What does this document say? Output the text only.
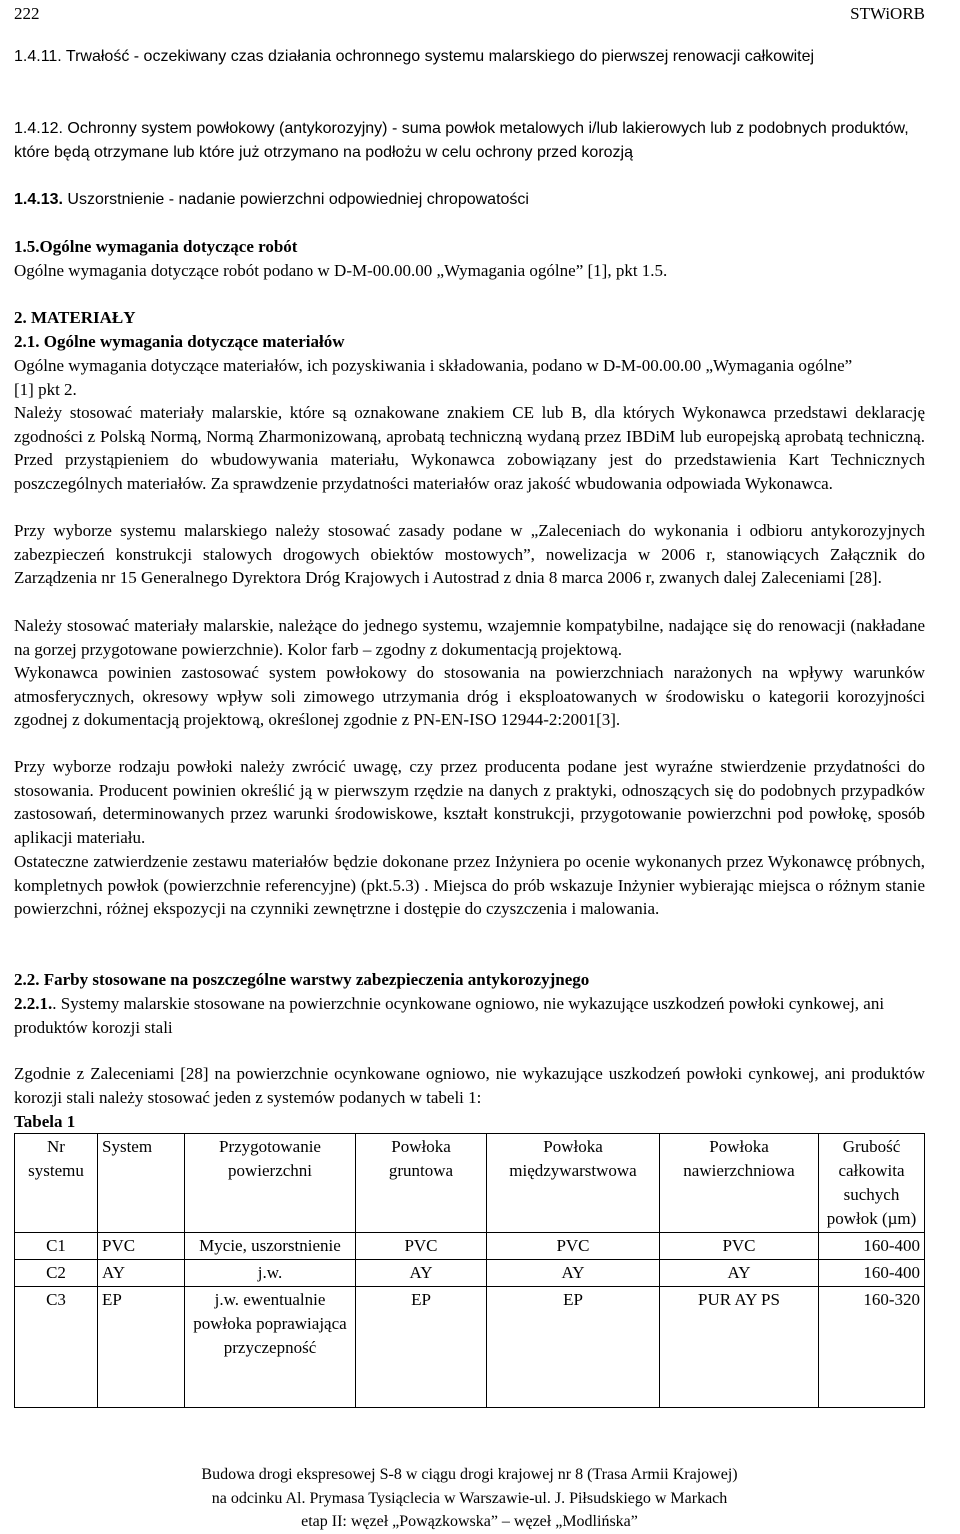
222	STWiORB

1.4.11. Trwałość - oczekiwany czas działania ochronnego systemu malarskiego do pierwszej renowacji całkowitej

1.4.12. Ochronny system powłokowy (antykorozyjny) - suma powłok metalowych i/lub lakierowych lub z podobnych produktów, które będą otrzymane lub które już otrzymano na podłożu w celu ochrony przed korozją

1.4.13. Uszorstnienie - nadanie powierzchni odpowiedniej chropowatości

1.5.Ogólne wymagania dotyczące robót

Ogólne wymagania dotyczące robót podano w D-M-00.00.00 „Wymagania ogólne” [1], pkt 1.5.

2. MATERIAŁY

2.1. Ogólne wymagania dotyczące materiałów

Ogólne wymagania dotyczące materiałów, ich pozyskiwania i składowania, podano w D-M-00.00.00 „Wymagania ogólne” [1] pkt 2.

Należy stosować materiały malarskie, które są oznakowane znakiem CE lub B, dla których Wykonawca przedstawi deklarację zgodności z Polską Normą, Normą Zharmonizowaną, aprobatą techniczną wydaną przez IBDiM lub europejską aprobatą techniczną. Przed przystąpieniem do wbudowywania materiału, Wykonawca zobowiązany jest do przedstawienia Kart Technicznych poszczególnych materiałów. Za sprawdzenie przydatności materiałów oraz jakość wbudowania odpowiada Wykonawca.

Przy wyborze systemu malarskiego należy stosować zasady podane w „Zaleceniach do wykonania i odbioru antykorozyjnych zabezpieczeń konstrukcji stalowych drogowych obiektów mostowych”, nowelizacja w 2006 r, stanowiących Załącznik do Zarządzenia nr 15 Generalnego Dyrektora Dróg Krajowych i Autostrad z dnia 8 marca 2006 r, zwanych dalej Zaleceniami [28].

Należy stosować materiały malarskie, należące do jednego systemu, wzajemnie kompatybilne, nadające się do renowacji (nakładane na gorzej przygotowane powierzchnie). Kolor farb – zgodny z dokumentacją projektową.

Wykonawca powinien zastosować system powłokowy do stosowania na powierzchniach narażonych na wpływy warunków atmosferycznych, okresowy wpływ soli zimowego utrzymania dróg i eksploatowanych w środowisku o kategorii korozyjności zgodnej z dokumentacją projektową, określonej zgodnie z PN-EN-ISO 12944-2:2001[3].

Przy wyborze rodzaju powłoki należy zwrócić uwagę, czy przez producenta podane jest wyraźne stwierdzenie przydatności do stosowania. Producent powinien określić ją w pierwszym rzędzie na danych z praktyki, odnoszących się do podobnych przypadków zastosowań, determinowanych przez warunki środowiskowe, kształt konstrukcji, przygotowanie powierzchni pod powłokę, sposób aplikacji materiału.

Ostateczne zatwierdzenie zestawu materiałów będzie dokonane przez Inżyniera po ocenie wykonanych przez Wykonawcę próbnych, kompletnych powłok (powierzchnie referencyjne) (pkt.5.3) . Miejsca do prób wskazuje Inżynier wybierając miejsca o różnym stanie powierzchni, różnej ekspozycji na czynniki zewnętrzne i dostępie do czyszczenia i malowania.

2.2. Farby stosowane na poszczególne warstwy zabezpieczenia antykorozyjnego

2.2.1.. Systemy malarskie stosowane na powierzchnie ocynkowane ogniowo, nie wykazujące uszkodzeń powłoki cynkowej, ani produktów korozji stali

Zgodnie z Zaleceniami [28] na powierzchnie ocynkowane ogniowo, nie wykazujące uszkodzeń powłoki cynkowej, ani produktów korozji stali należy stosować jeden z systemów podanych w tabeli 1:

Tabela 1

Nr systemu	System	Przygotowanie powierzchni	Powłoka gruntowa	Powłoka międzywarstwowa	Powłoka nawierzchniowa	Grubość całkowita suchych powłok (µm)
C1	PVC	Mycie, uszorstnienie	PVC	PVC	PVC	160-400
C2	AY	j.w.	AY	AY	AY	160-400
C3	EP	j.w. ewentualnie powłoka poprawiająca przyczepność	EP	EP	PUR AY PS	160-320
Budowa drogi ekspresowej S-8 w ciągu drogi krajowej nr 8 (Trasa Armii Krajowej)
na odcinku Al. Prymasa Tysiąclecia w Warszawie-ul. J. Piłsudskiego w Markach
etap II: węzeł „Powązkowska” – węzeł „Modlińska”
